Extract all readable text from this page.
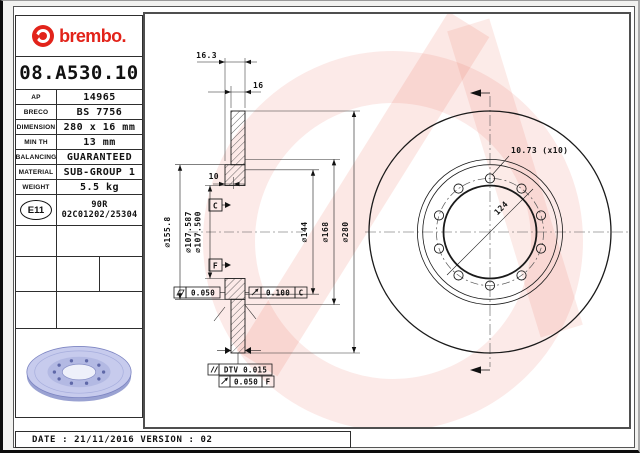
16.3
16
10
⌀155.8 ⌀107.587 ⌀107.500	⌀144 ⌀168 ⌀280
C
F
0.050	0.100 C
DTV 0.015
0.050 F
10.73 (x10)
124
brembo.
08.A530.10
AP	14965
BRECO	BS 7756
DIMENSION 280 x 16 mm
MIN TH	13 mm
BALANCING	GUARANTEED
MATERIAL	SUB-GROUP 1
WEIGHT	5.5 kg
E11	90R
02C01202/25304
DATE : 21/11/2016 VERSION : 02
